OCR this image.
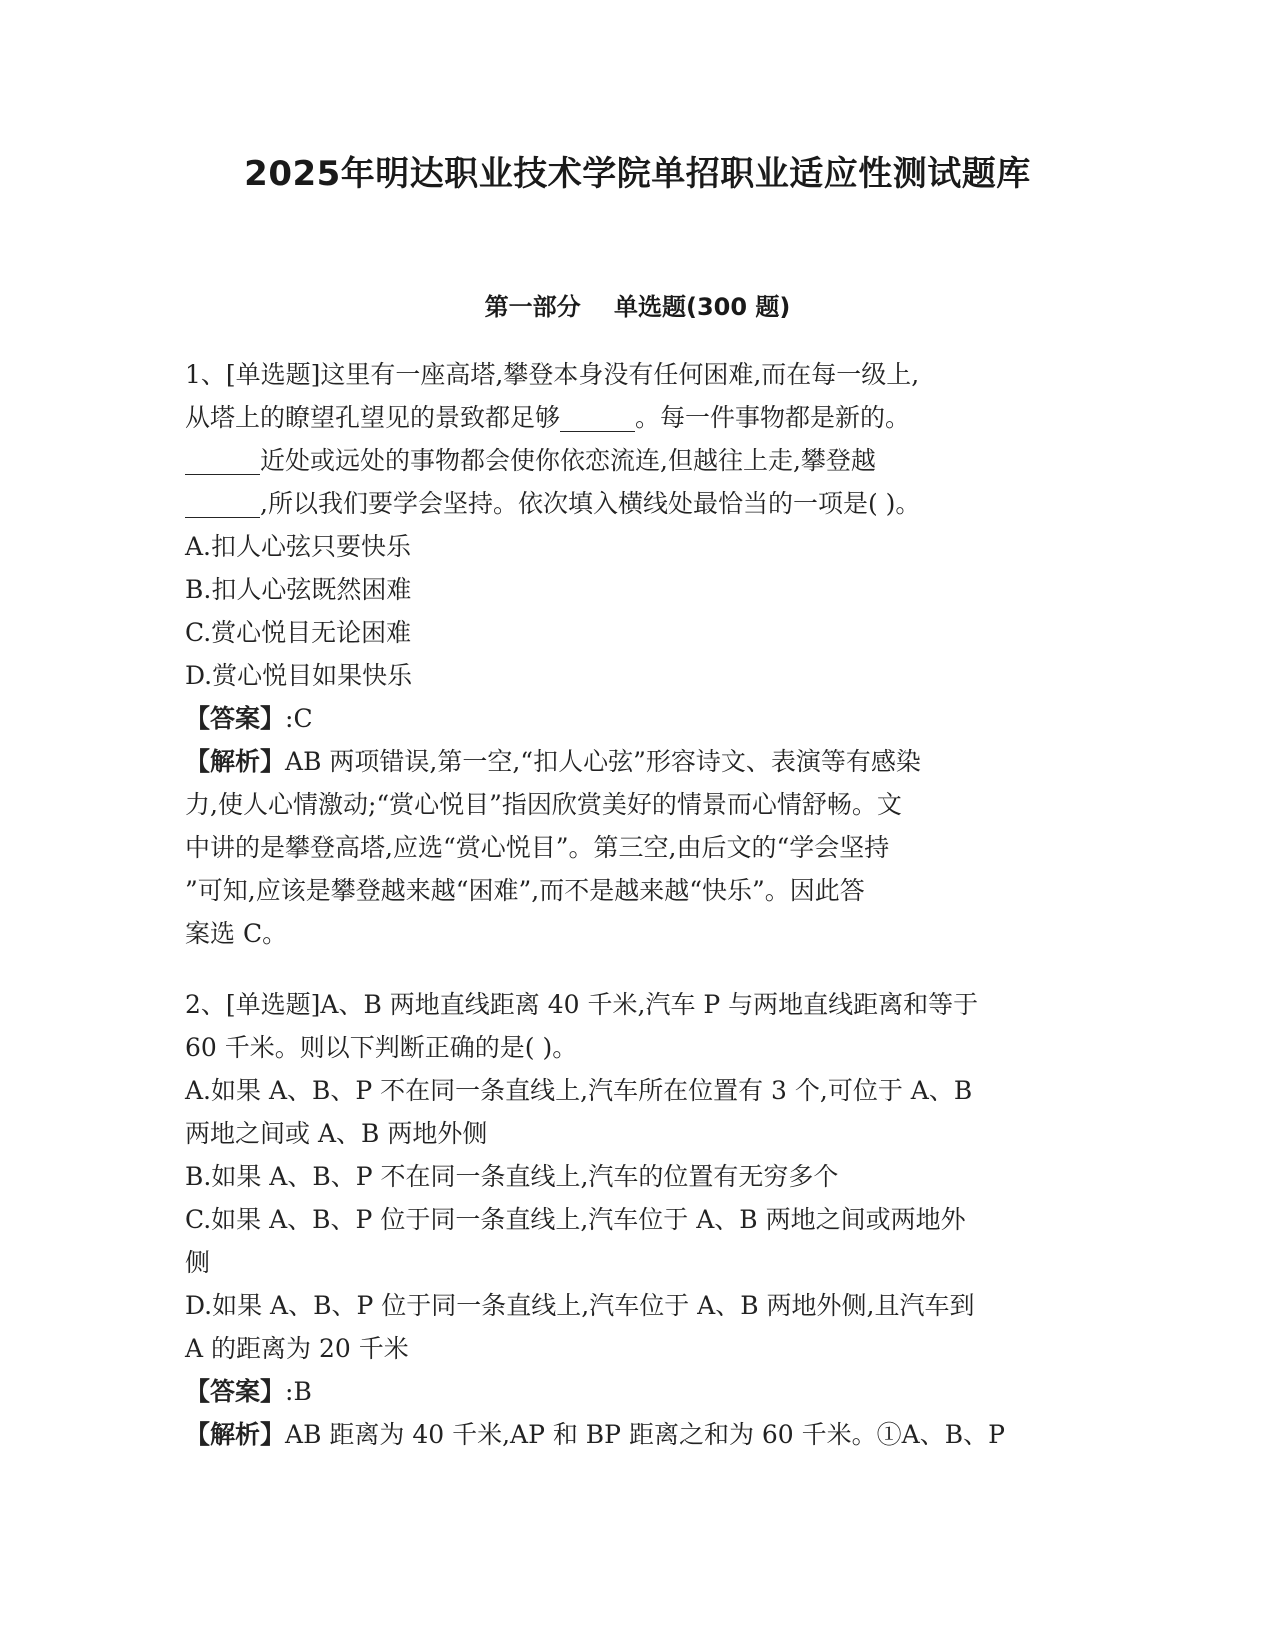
2025年明达职业技术学院单招职业适应性测试题库
第一部分    单选题(300 题)
1、[单选题]这里有一座高塔,攀登本身没有任何困难,而在每一级上,
从塔上的瞭望孔望见的景致都足够______。每一件事物都是新的。
______近处或远处的事物都会使你依恋流连,但越往上走,攀登越
______,所以我们要学会坚持。依次填入横线处最恰当的一项是( )。
A.扣人心弦只要快乐
B.扣人心弦既然困难
C.赏心悦目无论困难
D.赏心悦目如果快乐
【答案】:C
【解析】AB 两项错误,第一空,“扣人心弦”形容诗文、表演等有感染
力,使人心情激动;“赏心悦目”指因欣赏美好的情景而心情舒畅。文
中讲的是攀登高塔,应选“赏心悦目”。第三空,由后文的“学会坚持
”可知,应该是攀登越来越“困难”,而不是越来越“快乐”。因此答
案选 C。
2、[单选题]A、B 两地直线距离 40 千米,汽车 P 与两地直线距离和等于
60 千米。则以下判断正确的是( )。
A.如果 A、B、P 不在同一条直线上,汽车所在位置有 3 个,可位于 A、B
两地之间或 A、B 两地外侧
B.如果 A、B、P 不在同一条直线上,汽车的位置有无穷多个
C.如果 A、B、P 位于同一条直线上,汽车位于 A、B 两地之间或两地外
侧
D.如果 A、B、P 位于同一条直线上,汽车位于 A、B 两地外侧,且汽车到
A 的距离为 20 千米
【答案】:B
【解析】AB 距离为 40 千米,AP 和 BP 距离之和为 60 千米。①A、B、P
